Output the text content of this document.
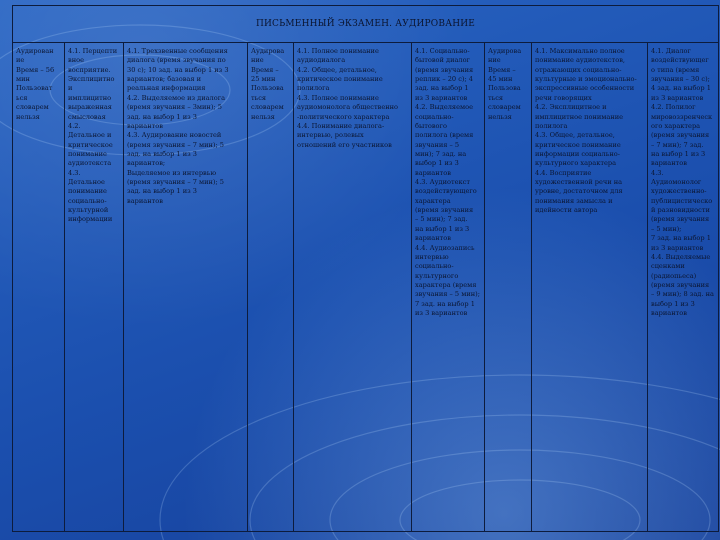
ПИСЬМЕННЫЙ ЭКЗАМЕН. АУДИРОВАНИЕ

Аудирован
ие
Время – 56
мин
Пользоват
ься
словарем
нельзя

4.1. Перцепти
вное
восприятие.
Эксплицитно
и
имплицитно
выраженная
смысловая
4.2.
Детальное и
критическое
понимание
аудиотекста
4.3.
Детальное
понимание
социально-
культурной
информации

4.1. Трехзвенные сообщения
диалога (время звучания по
30 с); 10 зад. на выбор 1 из 3
вариантов; базовая и
реальная информация
4.2. Выделяемое из диалога
(время звучания – 3мин); 5
зад. на выбор 1 из 3
вариантов
4.3. Аудирование новостей
(время звучания – 7 мин); 5
зад. на выбор 1 из 3
вариантов;
Выделяемое из интервью
(время звучания – 7 мин); 5
зад. на выбор 1 из 3
вариантов

Аудирова
ние
Время –
25 мин
Пользова
ться
словарем
нельзя

4.1. Полное понимание
аудиодиалога
4.2. Общее, детальное,
критическое понимание
полилога
4.3. Полное понимание
аудиомонолога общественно
-политического характера
4.4. Понимание диалога-
интервью, ролевых
отношений его участников

4.1. Социально-
бытовой диалог
(время звучания
реплик – 20 с); 4
зад. на выбор 1
из 3 вариантов
4.2. Выделяемое
социально-
бытового
полилога (время
звучания – 5
мин); 7 зад. на
выбор 1 из 3
вариантов
4.3. Аудиотекст
воздействующего
характера
(время звучания
– 5 мин); 7 зад.
на выбор 1 из 3
вариантов
4.4. Аудиозапись
интервью
социально-
культурного
характера (время
звучания – 5 мин);
7 зад. на выбор 1
из 3 вариантов

Аудирова
ние
Время –
45 мин
Пользова
ться
словарем
нельзя

4.1. Максимально полное
понимание аудиотекстов,
отражающих социально-
культурные и эмоционально-
экспрессивные особенности
речи говорящих
4.2. Эксплицитное и
имплицитное понимание
полилога
4.3. Общее, детальное,
критическое понимание
информации социально-
культурного характера
4.4. Восприятие
художественной речи на
уровне, достаточном для
понимания замысла и
идейности автора

4.1. Диалог
воздействующег
о типа (время
звучания – 30 с);
4 зад. на выбор 1
из 3 вариантов
4.2. Полилог
мировоззренческ
ого характера
(время звучания
– 7 мин); 7 зад.
на выбор 1 из 3
вариантов
4.3.
Аудиомонолог
художественно-
публицистическо
й разновидности
(время звучания
– 5 мин);
7 зад. на выбор 1
из 3 вариантов
4.4. Выделяемые
сценками
(радиопьеса)
(время звучания
– 9 мин); 8 зад. на
выбор 1 из 3
вариантов
